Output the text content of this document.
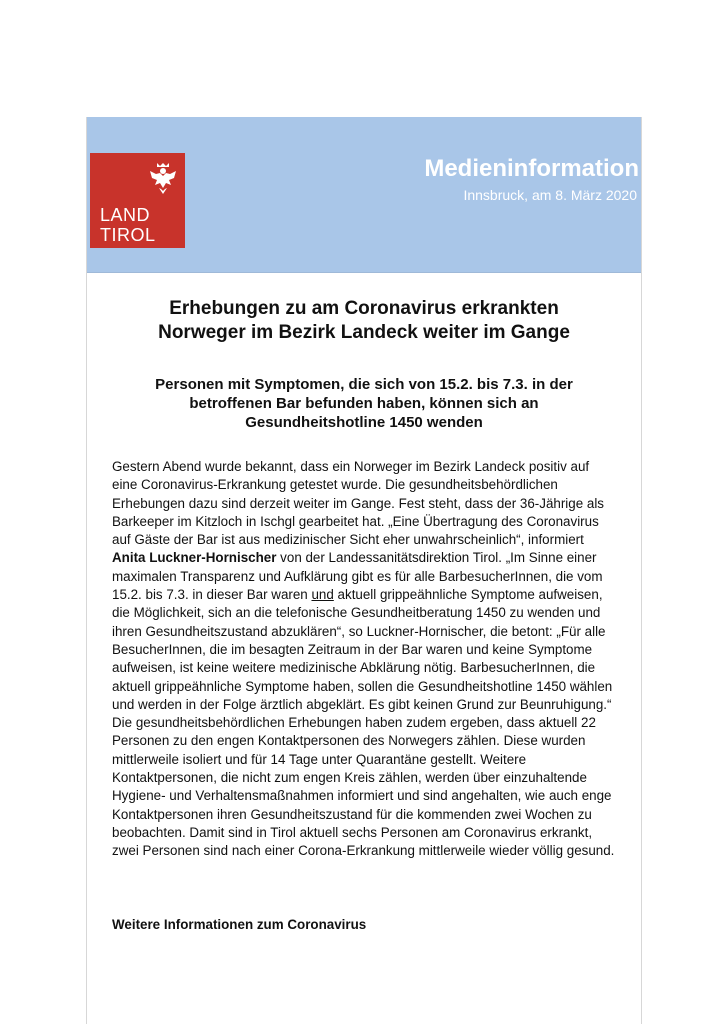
LAND
TIROL
Medieninformation
Innsbruck, am 8. März 2020
Erhebungen zu am Coronavirus erkrankten
Norweger im Bezirk Landeck weiter im Gange
Personen mit Symptomen, die sich von 15.2. bis 7.3. in der
betroffenen Bar befunden haben, können sich an
Gesundheitshotline 1450 wenden

Gestern Abend wurde bekannt, dass ein Norweger im Bezirk Landeck positiv auf eine Coronavirus-Erkrankung getestet wurde. Die gesundheitsbehördlichen Erhebungen dazu sind derzeit weiter im Gange. Fest steht, dass der 36-Jährige als Barkeeper im Kitzloch in Ischgl gearbeitet hat. „Eine Übertragung des Coronavirus auf Gäste der Bar ist aus medizinischer Sicht eher unwahrscheinlich“, informiert Anita Luckner-Hornischer von der Landessanitätsdirektion Tirol. „Im Sinne einer maximalen Transparenz und Aufklärung gibt es für alle BarbesucherInnen, die vom 15.2. bis 7.3. in dieser Bar waren und aktuell grippeähnliche Symptome aufweisen, die Möglichkeit, sich an die telefonische Gesundheitberatung 1450 zu wenden und ihren Gesundheitszustand abzuklären“, so Luckner-Hornischer, die betont: „Für alle BesucherInnen, die im besagten Zeitraum in der Bar waren und keine Symptome aufweisen, ist keine weitere medizinische Abklärung nötig. BarbesucherInnen, die aktuell grippeähnliche Symptome haben, sollen die Gesundheitshotline 1450 wählen und werden in der Folge ärztlich abgeklärt. Es gibt keinen Grund zur Beunruhigung.“ Die gesundheitsbehördlichen Erhebungen haben zudem ergeben, dass aktuell 22 Personen zu den engen Kontaktpersonen des Norwegers zählen. Diese wurden mittlerweile isoliert und für 14 Tage unter Quarantäne gestellt. Weitere Kontaktpersonen, die nicht zum engen Kreis zählen, werden über einzuhaltende Hygiene- und Verhaltensmaßnahmen informiert und sind angehalten, wie auch enge Kontaktpersonen ihren Gesundheitszustand für die kommenden zwei Wochen zu beobachten. Damit sind in Tirol aktuell sechs Personen am Coronavirus erkrankt, zwei Personen sind nach einer Corona-Erkrankung mittlerweile wieder völlig gesund.

Weitere Informationen zum Coronavirus
